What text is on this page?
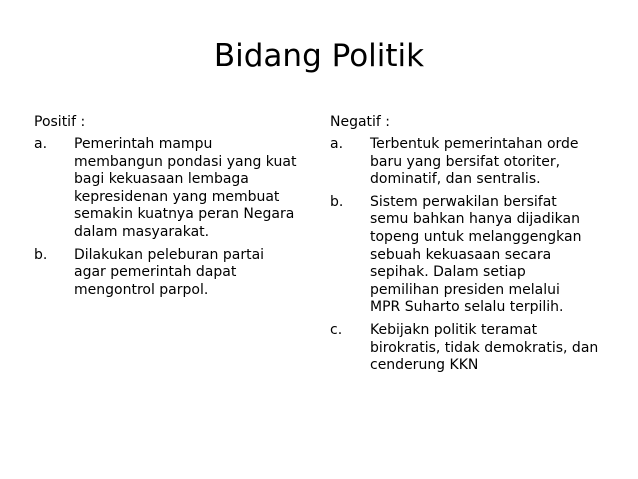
Bidang Politik
Positif :
a.	Pemerintah mampu
membangun pondasi yang kuat
bagi kekuasaan lembaga
kepresidenan yang membuat
semakin kuatnya peran Negara
dalam masyarakat.
b.	Dilakukan peleburan partai
agar pemerintah dapat
mengontrol parpol.
Negatif :
a.	Terbentuk pemerintahan orde
baru yang bersifat otoriter,
dominatif, dan sentralis.
b.	Sistem perwakilan bersifat
semu bahkan hanya dijadikan
topeng untuk melanggengkan
sebuah kekuasaan secara
sepihak. Dalam setiap
pemilihan presiden melalui
MPR Suharto selalu terpilih.
c.	Kebijakn politik teramat
birokratis, tidak demokratis, dan
cenderung KKN
